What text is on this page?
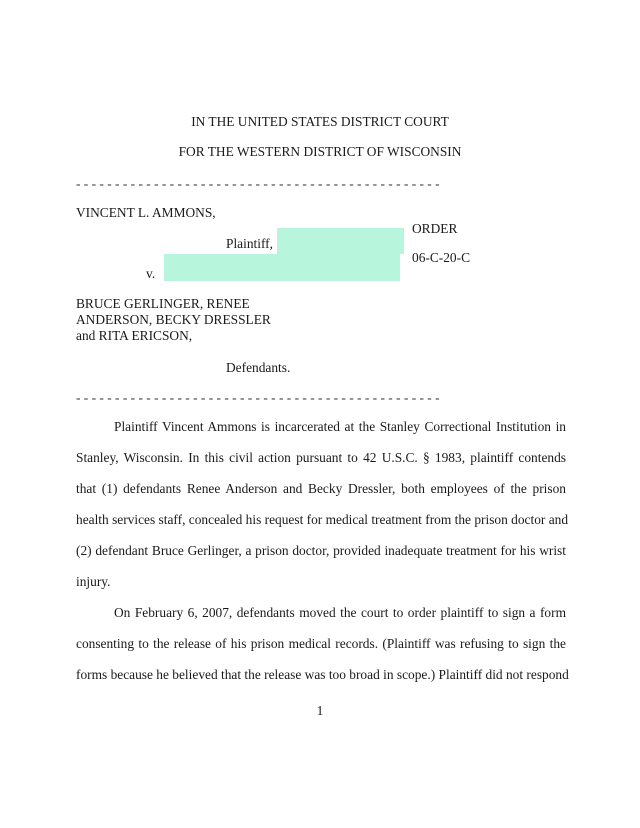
IN THE UNITED STATES DISTRICT COURT
FOR THE WESTERN DISTRICT OF WISCONSIN
- - - - - - - - - - - - - - - - - - - - - - - - - - - - - - - - - - - - - - - - - - - - - - -
VINCENT L. AMMONS,
ORDER
Plaintiff,
06-C-20-C
v.
BRUCE GERLINGER, RENEE
ANDERSON, BECKY DRESSLER
and RITA ERICSON,
Defendants.
- - - - - - - - - - - - - - - - - - - - - - - - - - - - - - - - - - - - - - - - - - - - - - -
Plaintiff Vincent Ammons is incarcerated at the Stanley Correctional Institution in
Stanley, Wisconsin. In this civil action pursuant to 42 U.S.C. § 1983, plaintiff contends
that (1) defendants Renee Anderson and Becky Dressler, both employees of the prison
health services staff, concealed his request for medical treatment from the prison doctor and
(2) defendant Bruce Gerlinger, a prison doctor, provided inadequate treatment for his wrist
injury.
On February 6, 2007, defendants moved the court to order plaintiff to sign a form
consenting to the release of his prison medical records. (Plaintiff was refusing to sign the
forms because he believed that the release was too broad in scope.) Plaintiff did not respond
1
